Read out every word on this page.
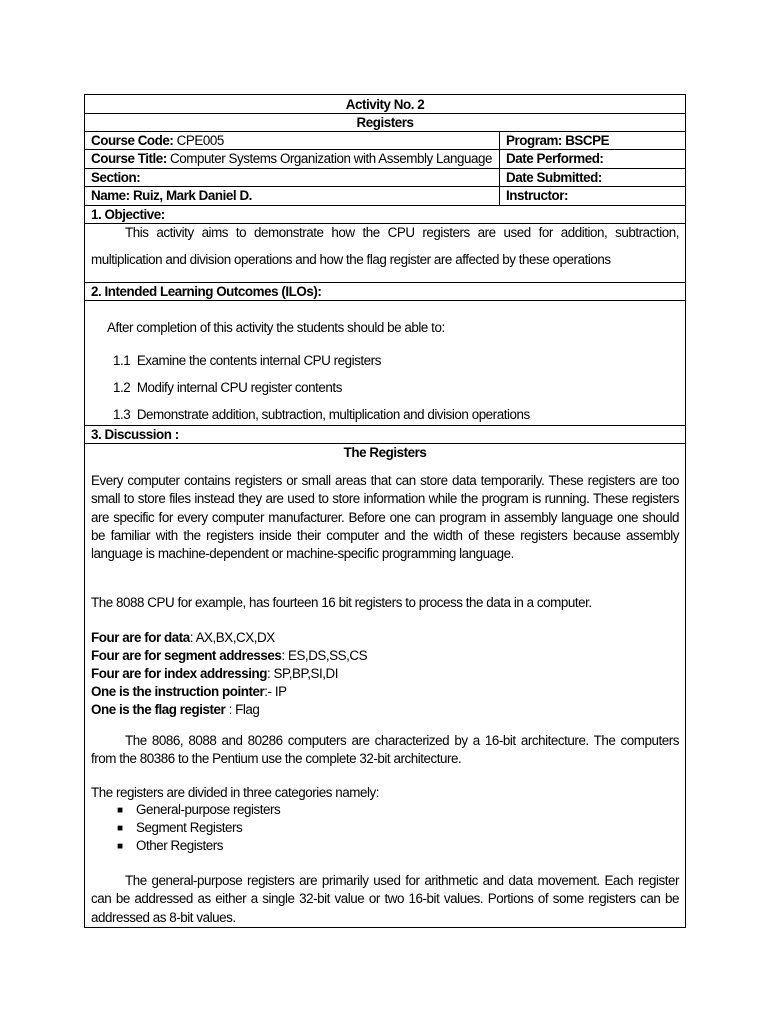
Activity No. 2
Registers
Course Code: CPE005	Program: BSCPE
Course Title: Computer Systems Organization with Assembly Language Date Performed:
Section:	Date Submitted:
Name: Ruiz, Mark Daniel D.	Instructor:
1. Objective:
This activity aims to demonstrate how the CPU registers are used for addition, subtraction,
multiplication and division operations and how the flag register are affected by these operations
2. Intended Learning Outcomes (ILOs):
After completion of this activity the students should be able to:
1.1 Examine the contents internal CPU registers
1.2 Modify internal CPU register contents
1.3 Demonstrate addition, subtraction, multiplication and division operations
3. Discussion :
The Registers
Every computer contains registers or small areas that can store data temporarily. These registers are too small to store files instead they are used to store information while the program is running. These registers are specific for every computer manufacturer. Before one can program in assembly language one should be familiar with the registers inside their computer and the width of these registers because assembly language is machine-dependent or machine-specific programming language.
The 8088 CPU for example, has fourteen 16 bit registers to process the data in a computer.
Four are for data: AX,BX,CX,DX
Four are for segment addresses: ES,DS,SS,CS
Four are for index addressing: SP,BP,SI,DI
One is the instruction pointer:- IP
One is the flag register : Flag
The 8086, 8088 and 80286 computers are characterized by a 16-bit architecture. The computers from the 80386 to the Pentium use the complete 32-bit architecture.
The registers are divided in three categories namely:
■ General-purpose registers
■ Segment Registers
■ Other Registers
The general-purpose registers are primarily used for arithmetic and data movement. Each register can be addressed as either a single 32-bit value or two 16-bit values. Portions of some registers can be addressed as 8-bit values.
